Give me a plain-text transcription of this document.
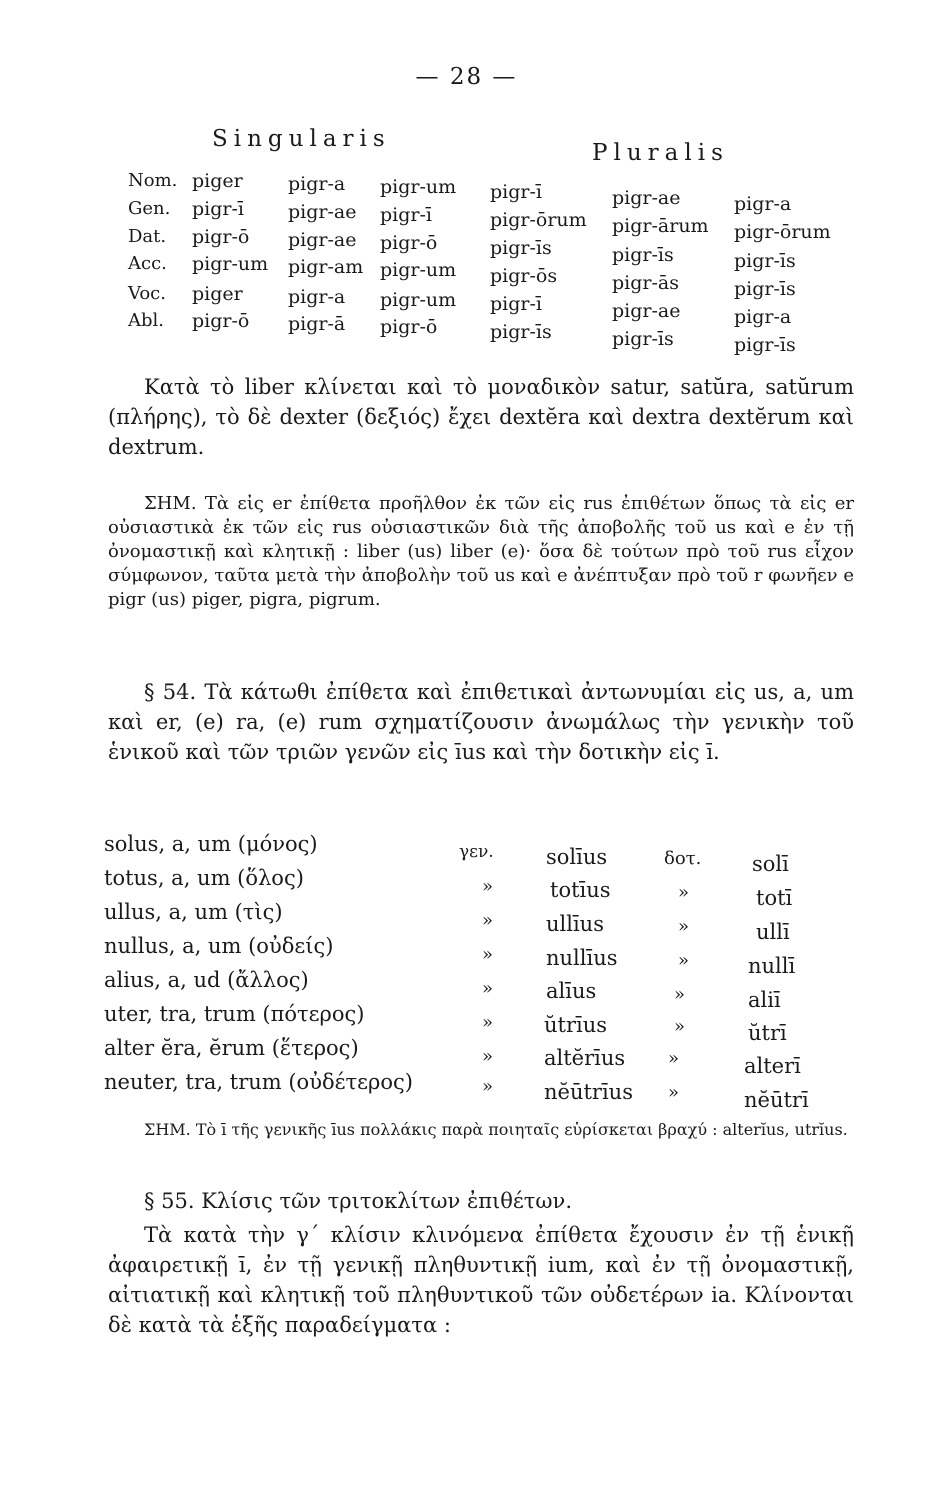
— 28 —
Singularis
Pluralis
Nom.
Gen.
Dat.
Acc.
Voc.
Abl.
piger
pigr-ī
pigr-ō
pigr-um
piger
pigr-ō
pigr-a
pigr-ae
pigr-ae
pigr-am
pigr-a
pigr-ā
pigr-um
pigr-ī
pigr-ō
pigr-um
pigr-um
pigr-ō
pigr-ī
pigr-ōrum
pigr-īs
pigr-ōs
pigr-ī
pigr-īs
pigr-ae
pigr-ārum
pigr-īs
pigr-ās
pigr-ae
pigr-īs
pigr-a
pigr-ōrum
pigr-īs
pigr-īs
pigr-a
pigr-īs
Κατὰ τὸ liber κλίνεται καὶ τὸ μοναδικὸν satur, satŭra, satŭrum (πλήρης), τὸ δὲ dexter (δεξιός) ἔχει dextĕra καὶ dextra dextĕrum καὶ dextrum.
ΣΗΜ. Τὰ εἰς er ἐπίθετα προῆλθον ἐκ τῶν εἰς rus ἐπιθέτων ὅπως τὰ εἰς er οὐσιαστικὰ ἐκ τῶν εἰς rus οὐσιαστικῶν διὰ τῆς ἀποβολῆς τοῦ us καὶ e ἐν τῇ ὀνομαστικῇ καὶ κλητικῇ : liber (us) liber (e)· ὅσα δὲ τούτων πρὸ τοῦ rus εἶχον σύμφωνον, ταῦτα μετὰ τὴν ἀποβολὴν τοῦ us καὶ e ἀνέπτυξαν πρὸ τοῦ r φωνῆεν e pigr (us) piger, pigra, pigrum.
§ 54. Τὰ κάτωθι ἐπίθετα καὶ ἐπιθετικαὶ ἀντωνυμίαι εἰς us, a, um καὶ er, (e) ra, (e) rum σχηματίζουσιν ἀνωμάλως τὴν γενικὴν τοῦ ἑνικοῦ καὶ τῶν τριῶν γενῶν εἰς īus καὶ τὴν δοτικὴν εἰς ī.
solus, a, um (μόνος)
totus, a, um (ὅλος)
ullus, a, um (τὶς)
nullus, a, um (οὐδείς)
alius, a, ud (ἄλλος)
uter, tra, trum (πότερος)
alter ĕra, ĕrum (ἕτερος)
neuter, tra, trum (οὐδέτερος)
γεν.
»
»
»
»
»
»
»
solīus
totīus
ullīus
nullīus
alīus
ŭtrīus
altĕrīus
nĕūtrīus
δοτ.
»
»
»
»
»
»
»
solī
totī
ullī
nullī
aliī
ŭtrī
alterī
nĕūtrī
ΣΗΜ. Τὸ ī τῆς γενικῆς īus πολλάκις παρὰ ποιηταῖς εὑρίσκεται βραχύ : alterĭus, utrĭus.
§ 55. Κλίσις τῶν τριτοκλίτων ἐπιθέτων.
Τὰ κατὰ τὴν γ´ κλίσιν κλινόμενα ἐπίθετα ἔχουσιν ἐν τῇ ἑνικῇ ἀφαιρετικῇ ī, ἐν τῇ γενικῇ πληθυντικῇ ium, καὶ ἐν τῇ ὀνομαστικῇ, αἰτιατικῇ καὶ κλητικῇ τοῦ πληθυντικοῦ τῶν οὐδετέρων ia. Κλίνονται δὲ κατὰ τὰ ἑξῆς παραδείγματα :
